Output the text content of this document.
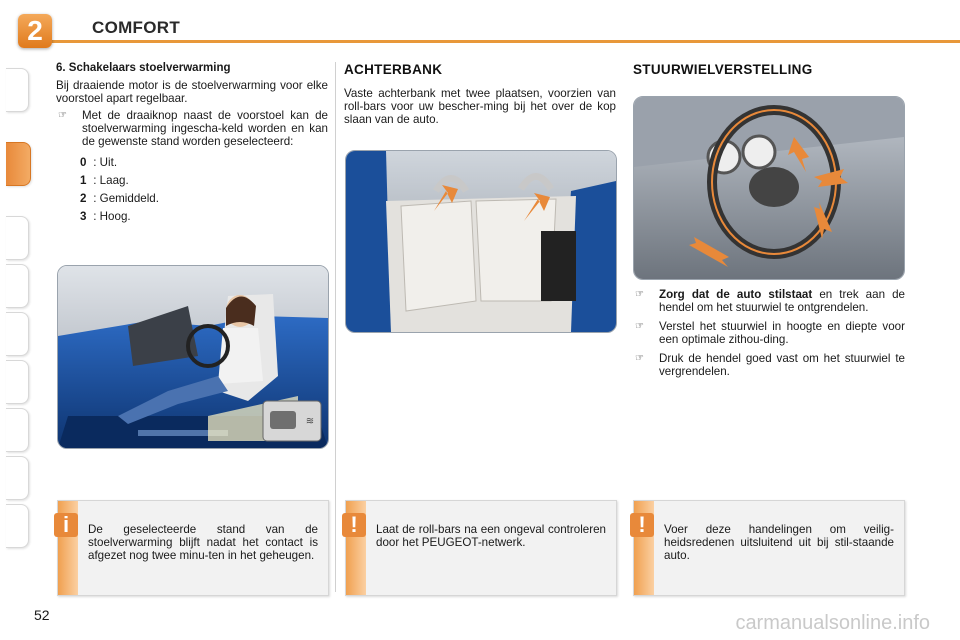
2	COMFORT
6. Schakelaars stoelverwarming

Bij draaiende motor is de stoelverwarming voor elke voorstoel apart regelbaar.

☞ Met de draaiknop naast de voorstoel kan de stoelverwarming ingescha-keld worden en kan de gewenste stand worden geselecteerd:
0 : Uit.
1 : Laag.
2 : Gemiddeld.
3 : Hoog.
≋
i	De geselecteerde stand van de stoelverwarming blijft nadat het contact is afgezet nog twee minu-ten in het geheugen.
ACHTERBANK

Vaste achterbank met twee plaatsen, voorzien van roll-bars voor uw bescher-ming bij het over de kop slaan van de auto.

!	Laat de roll-bars na een ongeval controleren door het PEUGEOT-netwerk.
STUURWIELVERSTELLING
☞ Zorg dat de auto stilstaat en trek aan de hendel om het stuurwiel te ontgrendelen.
☞ Verstel het stuurwiel in hoogte en diepte voor een optimale zithou-ding.
☞ Druk de hendel goed vast om het stuurwiel te vergrendelen.
!	Voer deze handelingen om veilig-heidsredenen uitsluitend uit bij stil-staande auto.
52	carmanualsonline.info
